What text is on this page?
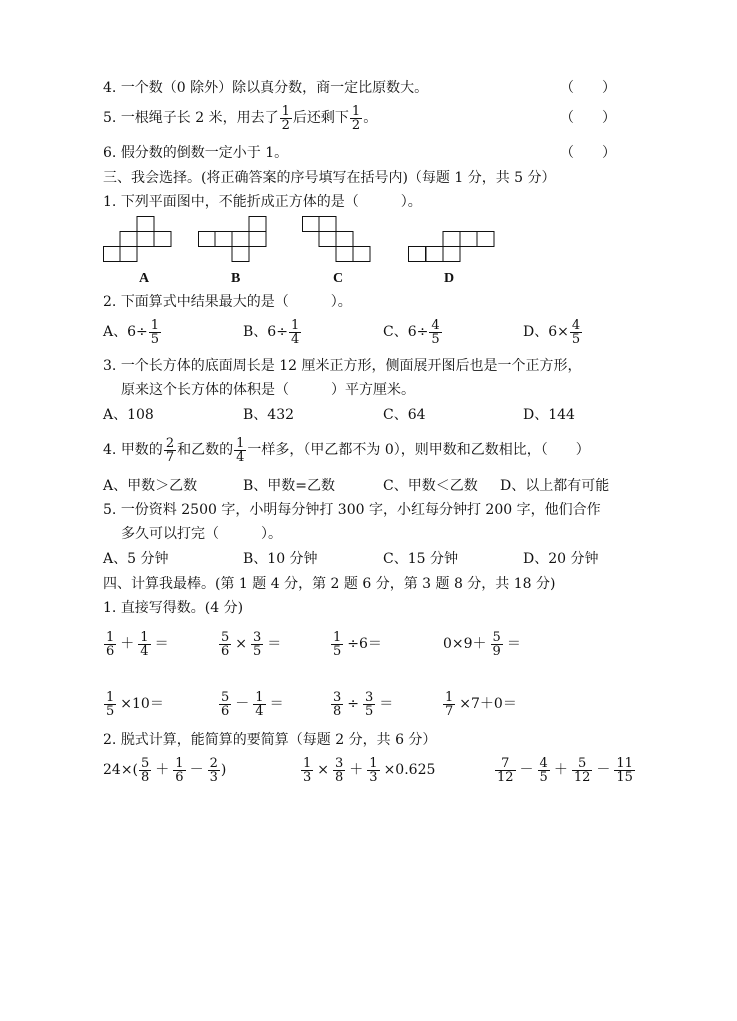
4. 一个数（0 除外）除以真分数，商一定比原数大。	（　　）
5. 一根绳子长 2 米，用去了 $\frac{1}{2}$ 后还剩下 $\frac{1}{2}$ 。	（　　）
6. 假分数的倒数一定小于 1。	（　　）
三、我会选择。(将正确答案的序号填写在括号内)（每题 1 分，共 5 分）
1. 下列平面图中，不能折成正方体的是（　　　）。
A	B	C	D
2. 下面算式中结果最大的是（　　　）。
A、$6\div \frac{1}{5}$	B、$6\div \frac{1}{4}$	C、$6\div \frac{4}{5}$	D、$6\times \frac{4}{5}$
3. 一个长方体的底面周长是 12 厘米正方形，侧面展开图后也是一个正方形，
原来这个长方体的体积是（　　　）平方厘米。
A、108	B、432	C、64	D、144
4. 甲数的 $\frac{2}{7}$ 和乙数的 $\frac{1}{4}$ 一样多，（甲乙都不为 0），则甲数和乙数相比，（　　）
A、甲数＞乙数	B、甲数=乙数	C、甲数＜乙数 D、以上都有可能
5. 一份资料 2500 字，小明每分钟打 300 字，小红每分钟打 200 字，他们合作
多久可以打完（　　　）。
A、5 分钟	B、10 分钟	C、15 分钟	D、20 分钟
四、计算我最棒。(第 1 题 4 分，第 2 题 6 分，第 3 题 8 分，共 18 分)
1. 直接写得数。(4 分)
$\frac{1}{6} + \frac{1}{4}$ ＝	$\frac{5}{6} \times \frac{3}{5}$ ＝	$\frac{1}{5} \div 6=$	$0\times 9+ \frac{5}{9}$ ＝
$\frac{1}{5} \times 10=$	$\frac{5}{6} - \frac{1}{4}$ ＝	$\frac{3}{8} \div \frac{3}{5}$ ＝	$\frac{1}{7} \times 7+0=$
2. 脱式计算，能简算的要简算（每题 2 分，共 6 分）
$24\times( \frac{5}{8} + \frac{1}{6} - \frac{2}{3}$ )	$\frac{1}{3} \times \frac{3}{8} + \frac{1}{3} \times 0.625$	$\frac{7}{12} - \frac{4}{5} + \frac{5}{12} - \frac{11}{15}$
